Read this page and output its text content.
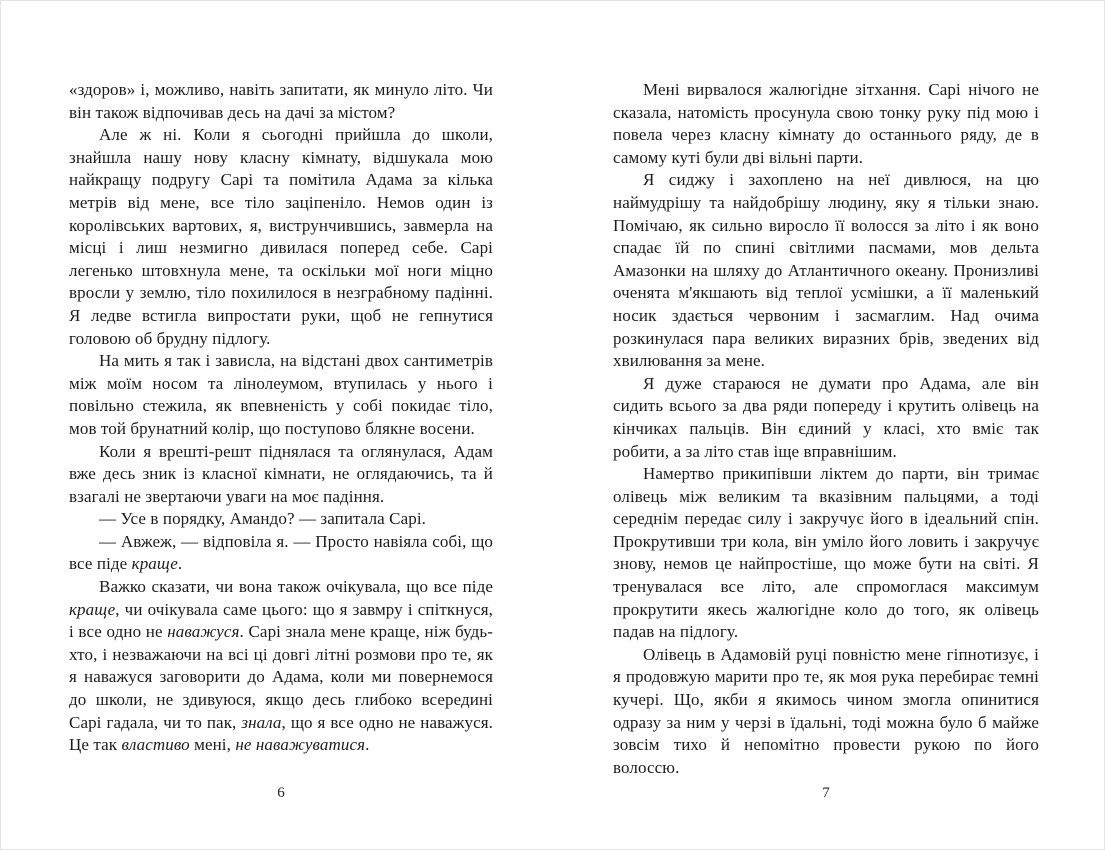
«здоров» і, можливо, навіть запитати, як минуло літо. Чи він також відпочивав десь на дачі за містом?

Але ж ні. Коли я сьогодні прийшла до школи, знайшла нашу нову класну кімнату, відшукала мою найкращу подругу Сарі та помітила Адама за кілька метрів від мене, все тіло заціпеніло. Немов один із королівських вартових, я, виструнчившись, завмерла на місці і лиш незмигно дивилася поперед себе. Сарі легенько штовхнула мене, та оскільки мої ноги міцно вросли у землю, тіло похилилося в незграбному падінні. Я ледве встигла випростати руки, щоб не гепнутися головою об брудну підлогу.

На мить я так і зависла, на відстані двох сантиметрів між моїм носом та лінолеумом, втупилась у нього і повільно стежила, як впевненість у собі покидає тіло, мов той брунатний колір, що поступово блякне восени.

Коли я врешті-решт піднялася та оглянулася, Адам вже десь зник із класної кімнати, не оглядаючись, та й взагалі не звертаючи уваги на моє падіння.

— Усе в порядку, Амандо? — запитала Сарі.

— Авжеж, — відповіла я. — Просто навіяла собі, що все піде краще.

Важко сказати, чи вона також очікувала, що все піде краще, чи очікувала саме цього: що я завмру і спіткнуся, і все одно не наважуся. Сарі знала мене краще, ніж будь-хто, і незважаючи на всі ці довгі літні розмови про те, як я наважуся заговорити до Адама, коли ми повернемося до школи, не здивуюся, якщо десь глибоко всередині Сарі гадала, чи то пак, знала, що я все одно не наважуся. Це так властиво мені, не наважуватися.

6

Мені вирвалося жалюгідне зітхання. Сарі нічого не сказала, натомість просунула свою тонку руку під мою і повела через класну кімнату до останнього ряду, де в самому куті були дві вільні парти.

Я сиджу і захоплено на неї дивлюся, на цю наймудрішу та найдобрішу людину, яку я тільки знаю. Помічаю, як сильно виросло її волосся за літо і як воно спадає їй по спині світлими пасмами, мов дельта Амазонки на шляху до Атлантичного океану. Пронизливі оченята м'якшають від теплої усмішки, а її маленький носик здається червоним і засмаглим. Над очима розкинулася пара великих виразних брів, зведених від хвилювання за мене.

Я дуже стараюся не думати про Адама, але він сидить всього за два ряди попереду і крутить олівець на кінчиках пальців. Він єдиний у класі, хто вміє так робити, а за літо став іще вправнішим.

Намертво прикипівши ліктем до парти, він тримає олівець між великим та вказівним пальцями, а тоді середнім передає силу і закручує його в ідеальний спін. Прокрутивши три кола, він уміло його ловить і закручує знову, немов це найпростіше, що може бути на світі. Я тренувалася все літо, але спромоглася максимум прокрутити якесь жалюгідне коло до того, як олівець падав на підлогу.

Олівець в Адамовій руці повністю мене гіпнотизує, і я продовжую марити про те, як моя рука перебирає темні кучері. Що, якби я якимось чином змогла опинитися одразу за ним у черзі в їдальні, тоді можна було б майже зовсім тихо й непомітно провести рукою по його волоссю.

7
